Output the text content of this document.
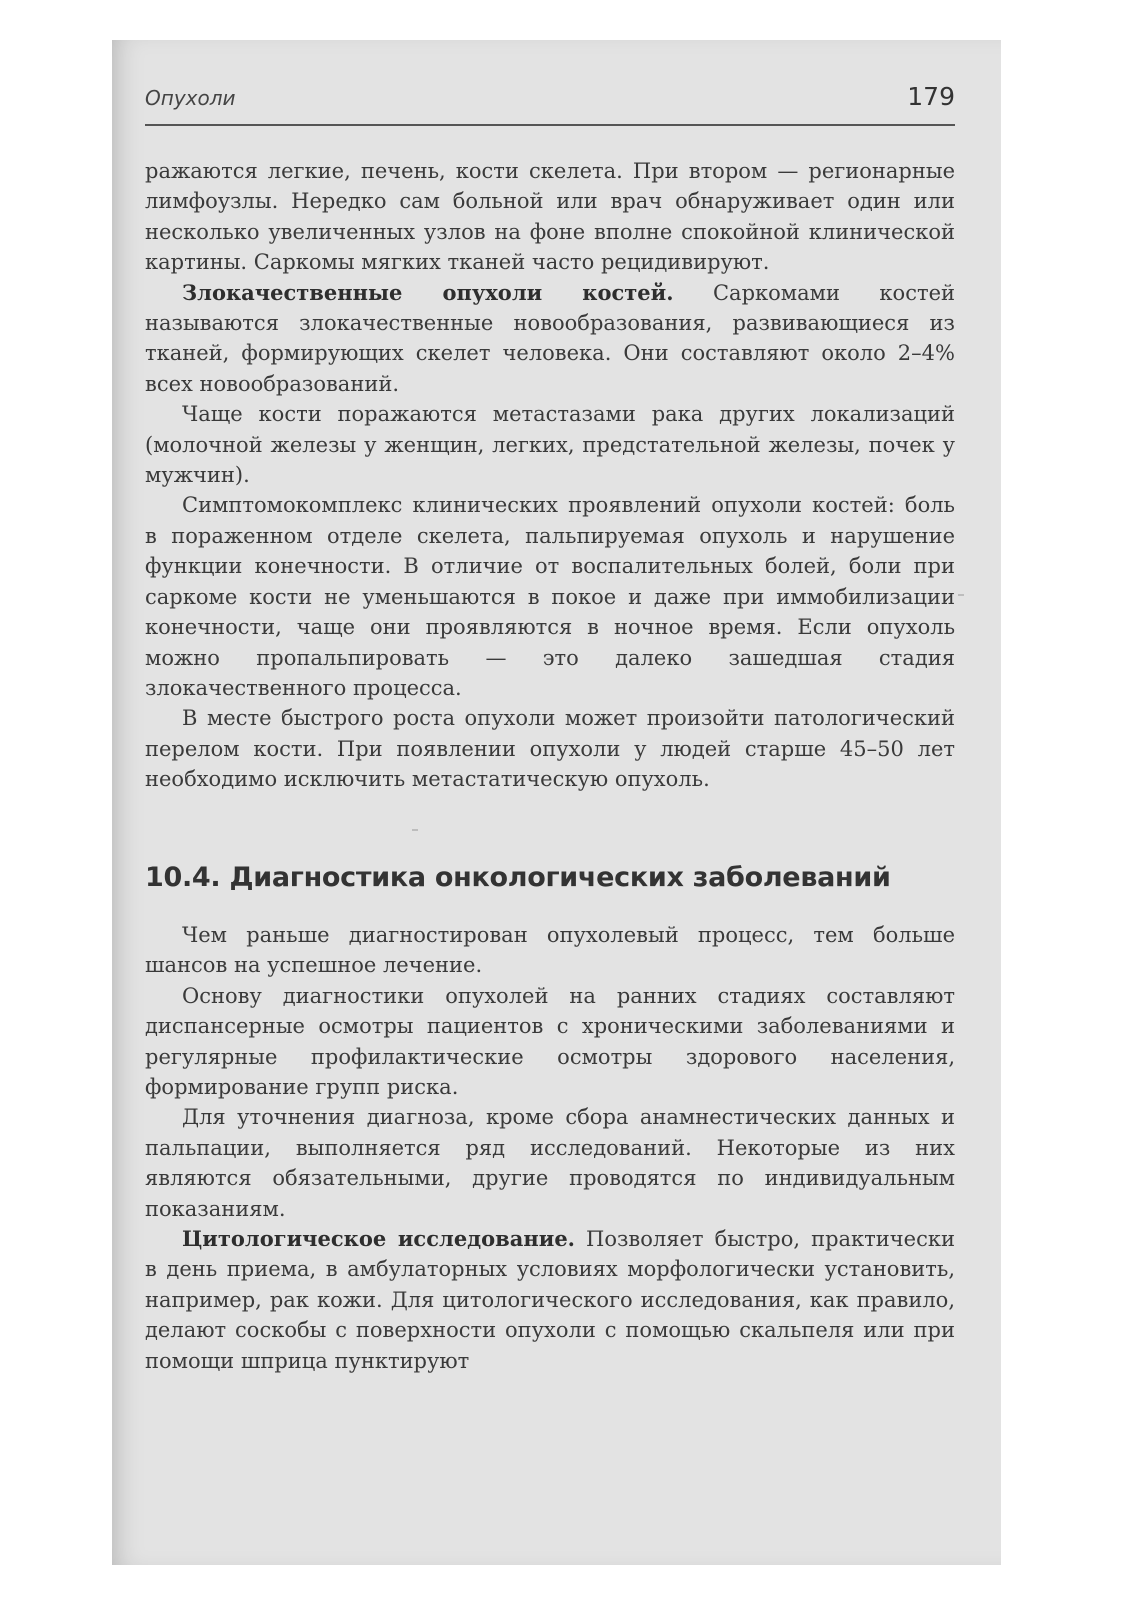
Опухоли	179

ражаются легкие, печень, кости скелета. При втором — регионарные лимфоузлы. Нередко сам больной или врач обнаруживает один или несколько увеличенных узлов на фоне вполне спокойной клинической картины. Саркомы мягких тканей часто рецидивируют.

Злокачественные опухоли костей. Саркомами костей называются злокачественные новообразования, развивающиеся из тканей, формирующих скелет человека. Они составляют около 2–4% всех новообразований.

Чаще кости поражаются метастазами рака других локализаций (молочной железы у женщин, легких, предстательной железы, почек у мужчин).

Симптомокомплекс клинических проявлений опухоли костей: боль в пораженном отделе скелета, пальпируемая опухоль и нарушение функции конечности. В отличие от воспалительных болей, боли при саркоме кости не уменьшаются в покое и даже при иммобилизации конечности, чаще они проявляются в ночное время. Если опухоль можно пропальпировать — это далеко зашедшая стадия злокачественного процесса.

В месте быстрого роста опухоли может произойти патологический перелом кости. При появлении опухоли у людей старше 45–50 лет необходимо исключить метастатическую опухоль.

10.4. Диагностика онкологических заболеваний

Чем раньше диагностирован опухолевый процесс, тем больше шансов на успешное лечение.

Основу диагностики опухолей на ранних стадиях составляют диспансерные осмотры пациентов с хроническими заболеваниями и регулярные профилактические осмотры здорового населения, формирование групп риска.

Для уточнения диагноза, кроме сбора анамнестических данных и пальпации, выполняется ряд исследований. Некоторые из них являются обязательными, другие проводятся по индивидуальным показаниям.

Цитологическое исследование. Позволяет быстро, практически в день приема, в амбулаторных условиях морфологически установить, например, рак кожи. Для цитологического исследования, как правило, делают соскобы с поверхности опухоли с помощью скальпеля или при помощи шприца пунктируют
